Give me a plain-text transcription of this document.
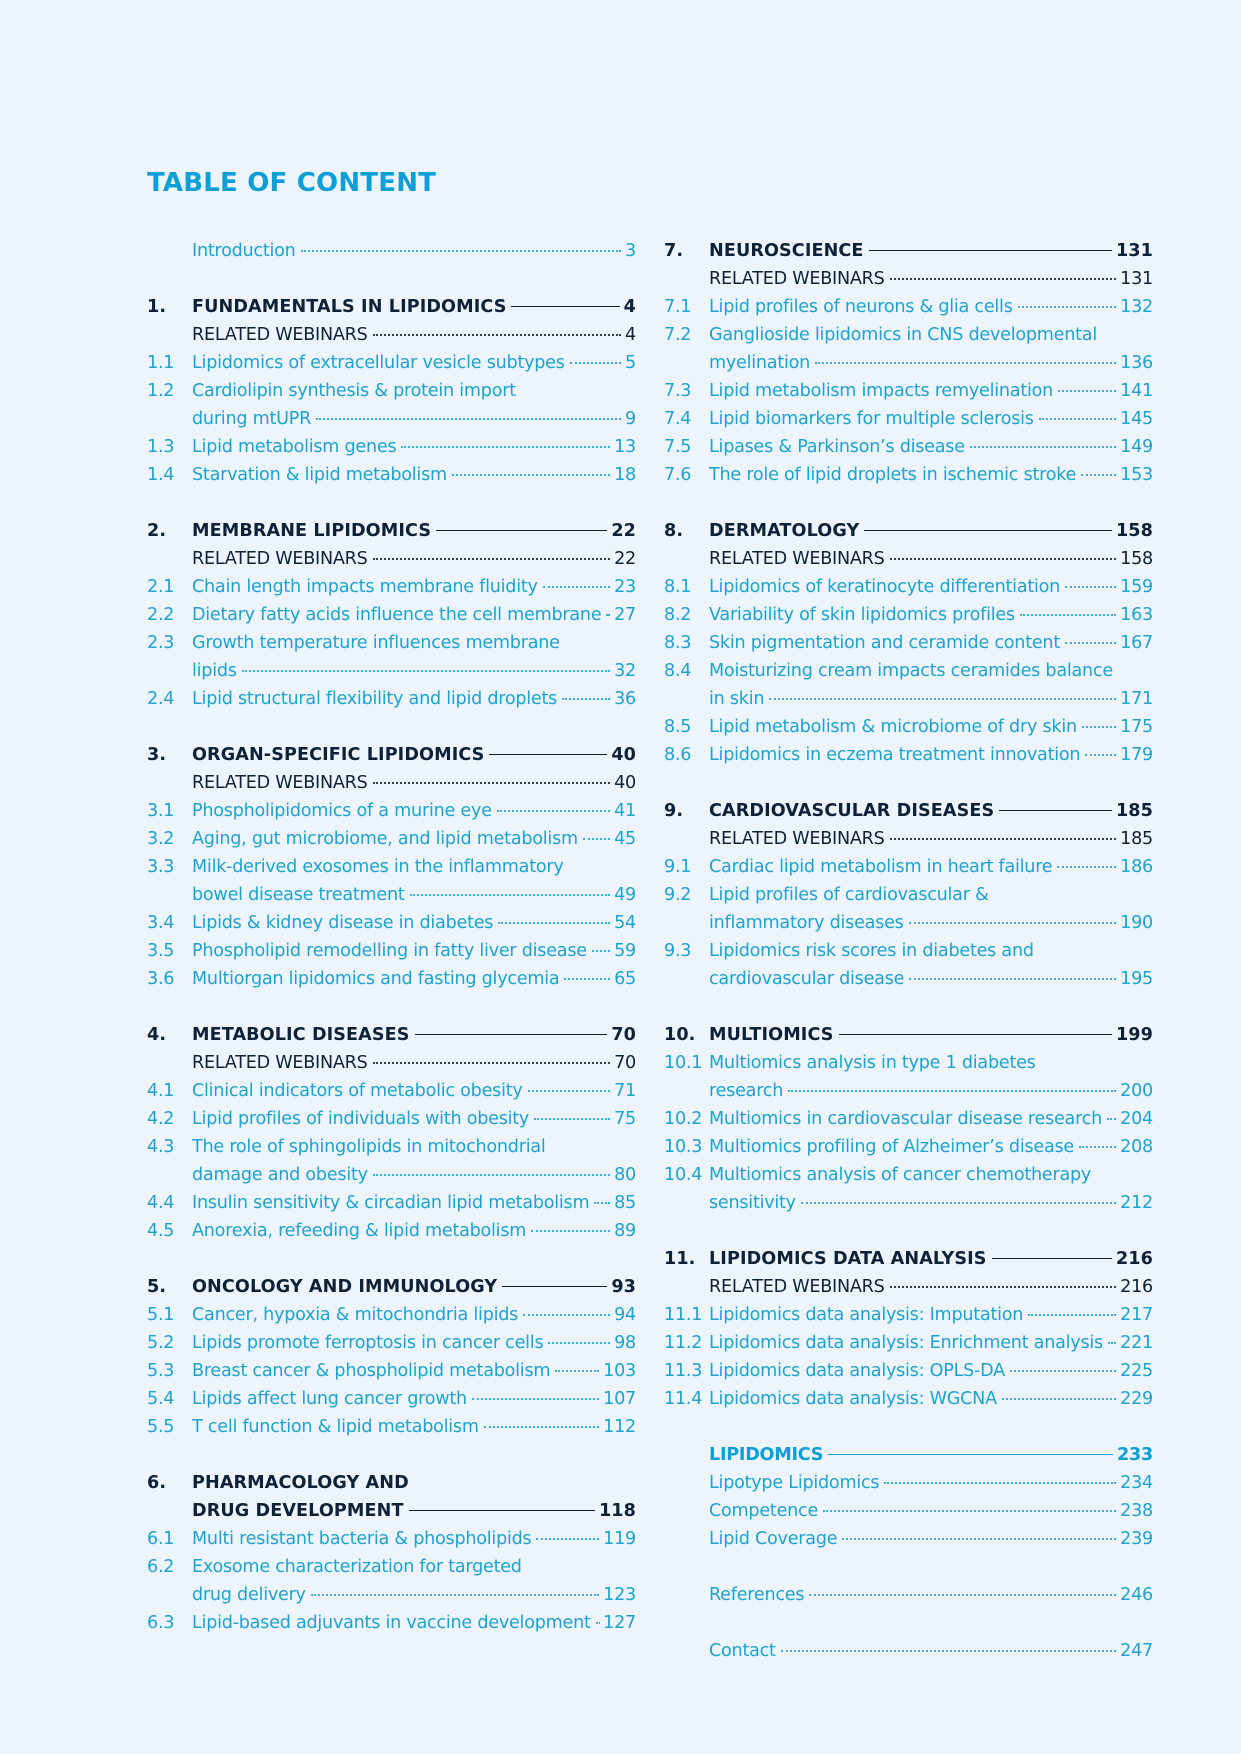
TABLE OF CONTENT
Introduction	3
1.	FUNDAMENTALS IN LIPIDOMICS	4
RELATED WEBINARS	4
1.1	Lipidomics of extracellular vesicle subtypes	5
1.2	Cardiolipin synthesis & protein import
during mtUPR	9
1.3	Lipid metabolism genes	13
1.4	Starvation & lipid metabolism	18
2.	MEMBRANE LIPIDOMICS	22
RELATED WEBINARS	22
2.1	Chain length impacts membrane fluidity	23
2.2	Dietary fatty acids influence the cell membrane 27
2.3	Growth temperature influences membrane
lipids	32
2.4	Lipid structural flexibility and lipid droplets	36
3.	ORGAN-SPECIFIC LIPIDOMICS	40
RELATED WEBINARS	40
3.1	Phospholipidomics of a murine eye	41
3.2	Aging, gut microbiome, and lipid metabolism 45
3.3	Milk-derived exosomes in the inflammatory
bowel disease treatment	49
3.4	Lipids & kidney disease in diabetes	54
3.5	Phospholipid remodelling in fatty liver disease 59
3.6	Multiorgan lipidomics and fasting glycemia	65
4.	METABOLIC DISEASES	70
RELATED WEBINARS	70
4.1	Clinical indicators of metabolic obesity	71
4.2	Lipid profiles of individuals with obesity	75
4.3	The role of sphingolipids in mitochondrial
damage and obesity	80
4.4	Insulin sensitivity & circadian lipid metabolism 85
4.5	Anorexia, refeeding & lipid metabolism	89
5.	ONCOLOGY AND IMMUNOLOGY	93
5.1	Cancer, hypoxia & mitochondria lipids	94
5.2	Lipids promote ferroptosis in cancer cells	98
5.3	Breast cancer & phospholipid metabolism	103
5.4	Lipids affect lung cancer growth	107
5.5	T cell function & lipid metabolism	112
6.	PHARMACOLOGY AND
DRUG DEVELOPMENT	118
6.1	Multi resistant bacteria & phospholipids	119
6.2	Exosome characterization for targeted
drug delivery	123
6.3	Lipid-based adjuvants in vaccine development 127
7.	NEUROSCIENCE	131
RELATED WEBINARS	131
7.1	Lipid profiles of neurons & glia cells	132
7.2	Ganglioside lipidomics in CNS developmental
myelination	136
7.3	Lipid metabolism impacts remyelination	141
7.4	Lipid biomarkers for multiple sclerosis	145
7.5	Lipases & Parkinson’s disease	149
7.6	The role of lipid droplets in ischemic stroke	153
8.	DERMATOLOGY	158
RELATED WEBINARS	158
8.1	Lipidomics of keratinocyte differentiation	159
8.2	Variability of skin lipidomics profiles	163
8.3	Skin pigmentation and ceramide content	167
8.4	Moisturizing cream impacts ceramides balance
in skin	171
8.5	Lipid metabolism & microbiome of dry skin 175
8.6	Lipidomics in eczema treatment innovation 179
9.	CARDIOVASCULAR DISEASES	185
RELATED WEBINARS	185
9.1	Cardiac lipid metabolism in heart failure	186
9.2	Lipid profiles of cardiovascular &
inflammatory diseases	190
9.3	Lipidomics risk scores in diabetes and
cardiovascular disease	195
10. MULTIOMICS	199
10.1 Multiomics analysis in type 1 diabetes
research	200
10.2 Multiomics in cardiovascular disease research 204
10.3 Multiomics profiling of Alzheimer’s disease	208
10.4 Multiomics analysis of cancer chemotherapy
sensitivity	212
11. LIPIDOMICS DATA ANALYSIS	216
RELATED WEBINARS	216
11.1 Lipidomics data analysis: Imputation	217
11.2 Lipidomics data analysis: Enrichment analysis 221
11.3 Lipidomics data analysis: OPLS-DA	225
11.4 Lipidomics data analysis: WGCNA	229
LIPIDOMICS	233
Lipotype Lipidomics	234
Competence	238
Lipid Coverage	239
References	246
Contact	247
